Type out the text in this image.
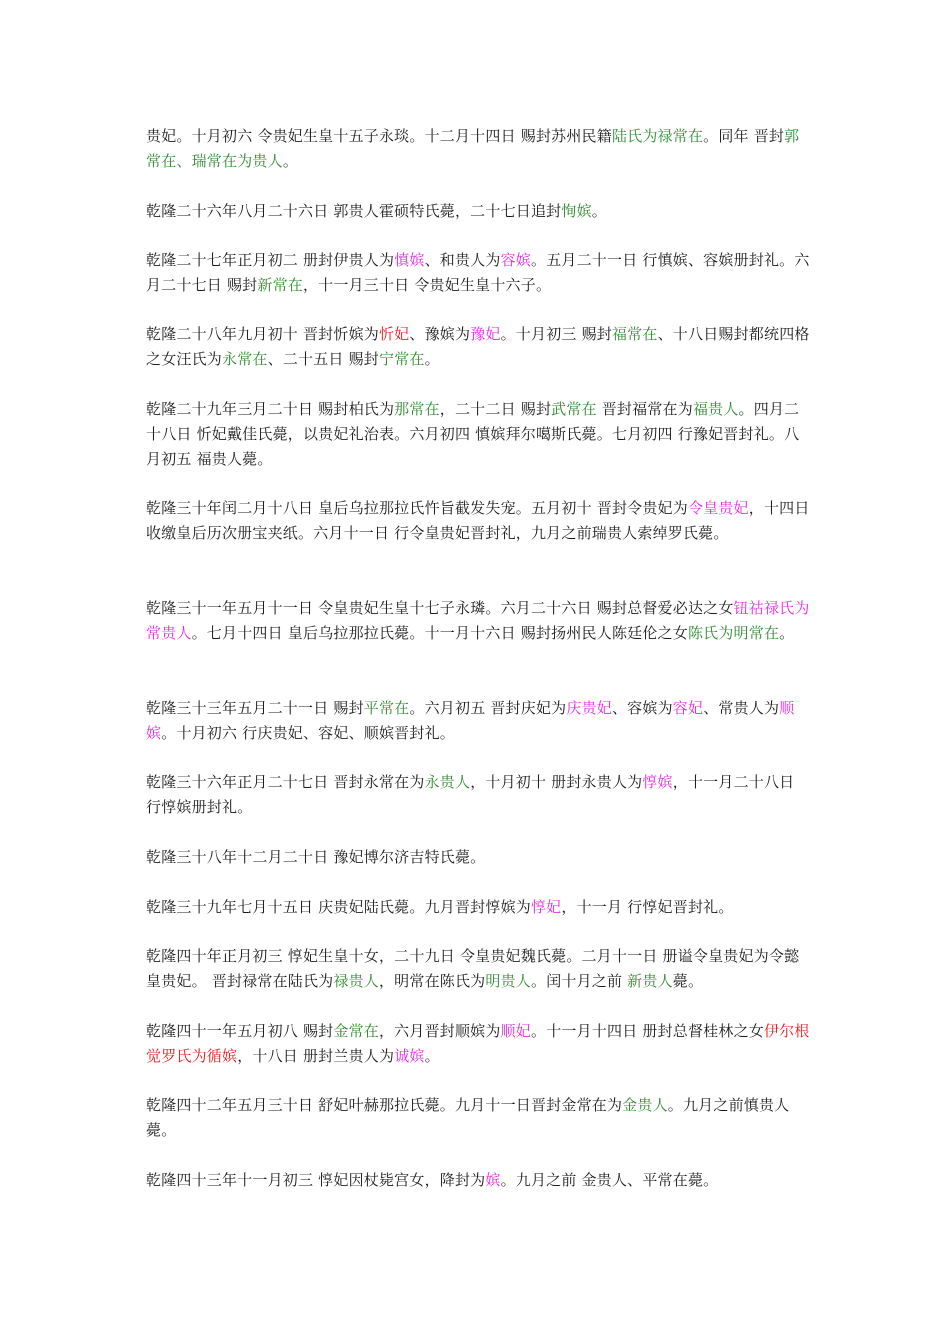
贵妃。十月初六 令贵妃生皇十五子永琰。十二月十四日 赐封苏州民籍陆氏为禄常在。同年 晋封郭常在、瑞常在为贵人。

乾隆二十六年八月二十六日 郭贵人霍硕特氏薨，二十七日追封恂嫔。

乾隆二十七年正月初二 册封伊贵人为慎嫔、和贵人为容嫔。五月二十一日 行慎嫔、容嫔册封礼。六月二十七日 赐封新常在，十一月三十日 令贵妃生皇十六子。

乾隆二十八年九月初十 晋封忻嫔为忻妃、豫嫔为豫妃。十月初三 赐封福常在、十八日赐封都统四格之女汪氏为永常在、二十五日 赐封宁常在。

乾隆二十九年三月二十日 赐封柏氏为那常在，二十二日 赐封武常在 晋封福常在为福贵人。四月二十八日 忻妃戴佳氏薨，以贵妃礼治表。六月初四 慎嫔拜尔噶斯氏薨。七月初四 行豫妃晋封礼。八月初五 福贵人薨。

乾隆三十年闰二月十八日 皇后乌拉那拉氏忤旨截发失宠。五月初十 晋封令贵妃为令皇贵妃，十四日收缴皇后历次册宝夹纸。六月十一日 行令皇贵妃晋封礼，九月之前瑞贵人索绰罗氏薨。

乾隆三十一年五月十一日 令皇贵妃生皇十七子永璘。六月二十六日 赐封总督爱必达之女钮祜禄氏为常贵人。七月十四日 皇后乌拉那拉氏薨。十一月十六日 赐封扬州民人陈廷伦之女陈氏为明常在。

乾隆三十三年五月二十一日 赐封平常在。六月初五 晋封庆妃为庆贵妃、容嫔为容妃、常贵人为顺嫔。十月初六 行庆贵妃、容妃、顺嫔晋封礼。

乾隆三十六年正月二十七日 晋封永常在为永贵人，十月初十 册封永贵人为惇嫔，十一月二十八日 行惇嫔册封礼。

乾隆三十八年十二月二十日 豫妃博尔济吉特氏薨。

乾隆三十九年七月十五日 庆贵妃陆氏薨。九月晋封惇嫔为惇妃，十一月 行惇妃晋封礼。

乾隆四十年正月初三 惇妃生皇十女，二十九日 令皇贵妃魏氏薨。二月十一日 册谥令皇贵妃为令懿皇贵妃。 晋封禄常在陆氏为禄贵人，明常在陈氏为明贵人。闰十月之前 新贵人薨。

乾隆四十一年五月初八 赐封金常在，六月晋封顺嫔为顺妃。十一月十四日 册封总督桂林之女伊尔根觉罗氏为循嫔，十八日 册封兰贵人为诚嫔。

乾隆四十二年五月三十日 舒妃叶赫那拉氏薨。九月十一日晋封金常在为金贵人。九月之前慎贵人薨。

乾隆四十三年十一月初三 惇妃因杖毙宫女，降封为嫔。九月之前 金贵人、平常在薨。
